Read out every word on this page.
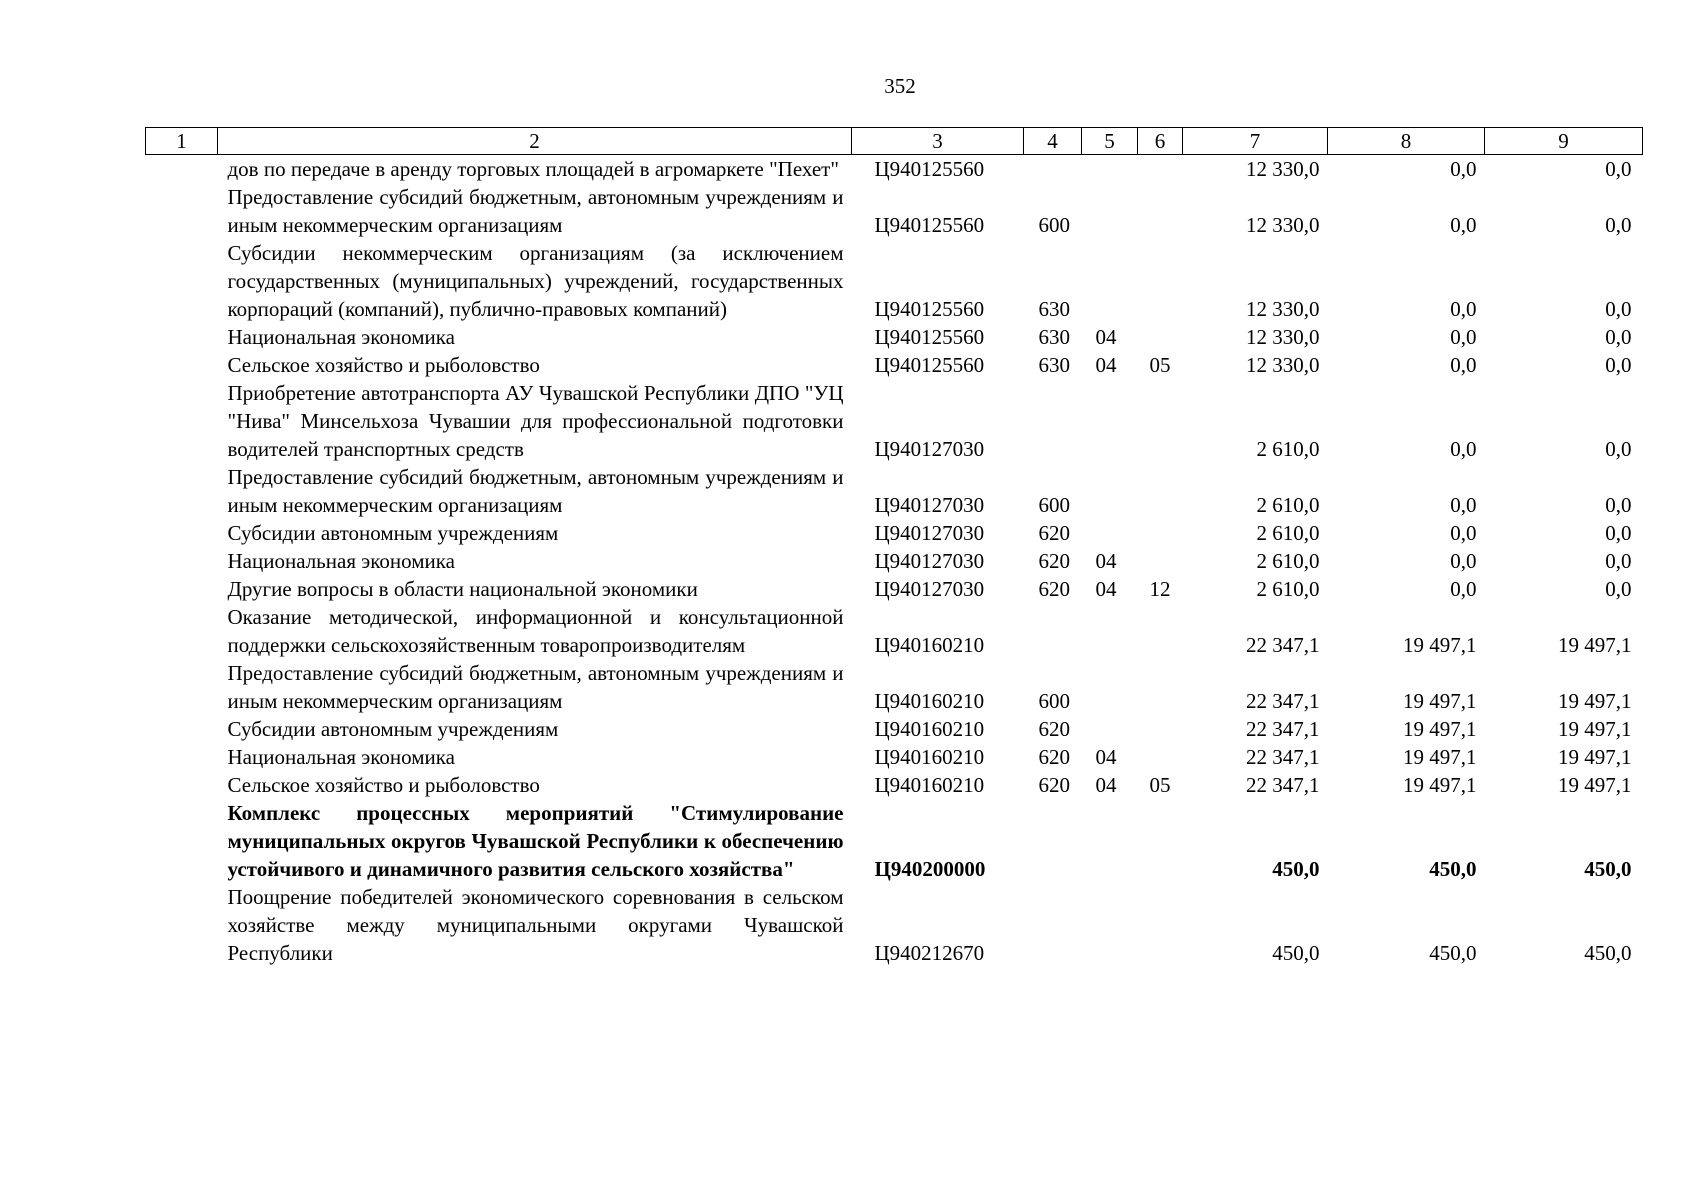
352
1	2	3	4	5	6	7	8	9
	дов по передаче в аренду торговых площадей в агромаркете "Пехет"	Ц940125560				12 330,0	0,0	0,0
	Предоставление субсидий бюджетным, автономным учреждениям и иным некоммерческим организациям	Ц940125560	600			12 330,0	0,0	0,0
	Субсидии некоммерческим организациям (за исключением государственных (муниципальных) учреждений, государственных корпораций (компаний), публично-правовых компаний)	Ц940125560	630			12 330,0	0,0	0,0
	Национальная экономика	Ц940125560	630	04		12 330,0	0,0	0,0
	Сельское хозяйство и рыболовство	Ц940125560	630	04	05	12 330,0	0,0	0,0
	Приобретение автотранспорта АУ Чувашской Республики ДПО "УЦ "Нива" Минсельхоза Чувашии для профессиональной подготовки водителей транспортных средств	Ц940127030				2 610,0	0,0	0,0
	Предоставление субсидий бюджетным, автономным учреждениям и иным некоммерческим организациям	Ц940127030	600			2 610,0	0,0	0,0
	Субсидии автономным учреждениям	Ц940127030	620			2 610,0	0,0	0,0
	Национальная экономика	Ц940127030	620	04		2 610,0	0,0	0,0
	Другие вопросы в области национальной экономики	Ц940127030	620	04	12	2 610,0	0,0	0,0
	Оказание методической, информационной и консультационной поддержки сельскохозяйственным товаропроизводителям	Ц940160210				22 347,1	19 497,1	19 497,1
	Предоставление субсидий бюджетным, автономным учреждениям и иным некоммерческим организациям	Ц940160210	600			22 347,1	19 497,1	19 497,1
	Субсидии автономным учреждениям	Ц940160210	620			22 347,1	19 497,1	19 497,1
	Национальная экономика	Ц940160210	620	04		22 347,1	19 497,1	19 497,1
	Сельское хозяйство и рыболовство	Ц940160210	620	04	05	22 347,1	19 497,1	19 497,1
	Комплекс процессных мероприятий "Стимулирование муниципальных округов Чувашской Республики к обеспечению устойчивого и динамичного развития сельского хозяйства"	Ц940200000				450,0	450,0	450,0
	Поощрение победителей экономического соревнования в сельском хозяйстве между муниципальными округами Чувашской Республики	Ц940212670				450,0	450,0	450,0
